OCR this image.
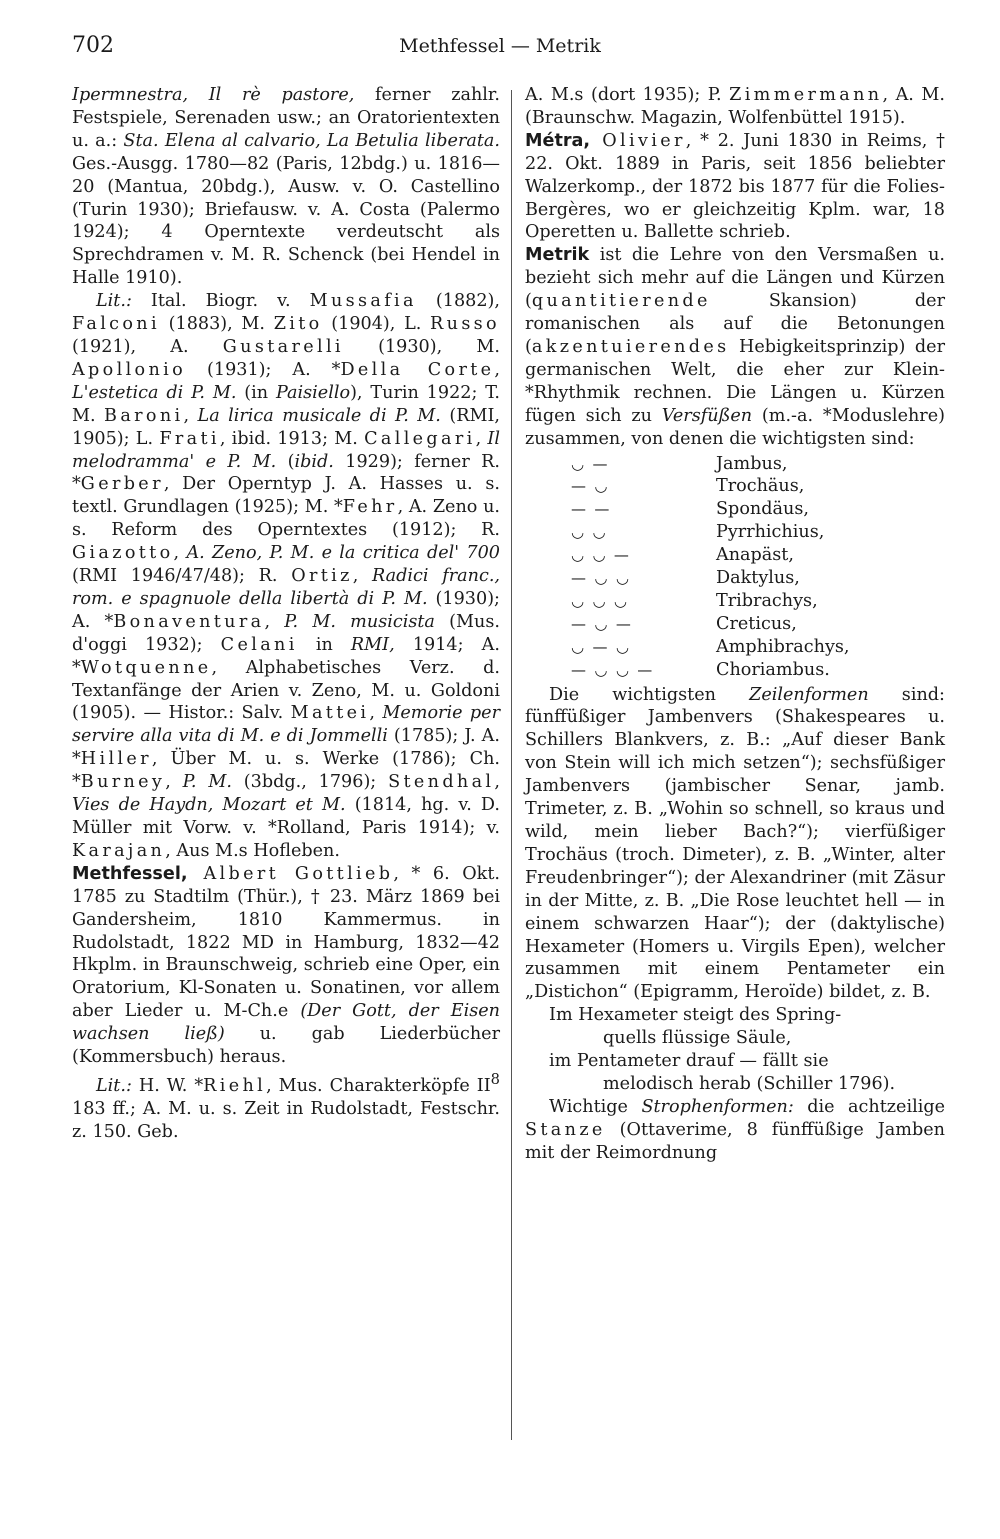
702	Methfessel — Metrik

Ipermnestra, Il rè pastore, ferner zahlr. Festspiele, Serenaden usw.; an Oratorientexten u. a.: Sta. Elena al calvario, La Betulia liberata. Ges.-Ausgg. 1780—82 (Paris, 12bdg.) u. 1816—20 (Mantua, 20bdg.), Ausw. v. O. Castellino (Turin 1930); Briefausw. v. A. Costa (Palermo 1924); 4 Operntexte verdeutscht als Sprechdramen v. M. R. Schenck (bei Hendel in Halle 1910).

Lit.: Ital. Biogr. v. Mussafia (1882), Falconi (1883), M. Zito (1904), L. Russo (1921), A. Gustarelli (1930), M. Apollonio (1931); A. *Della Corte, L'estetica di P. M. (in Paisiello), Turin 1922; T. M. Baroni, La lirica musicale di P. M. (RMI, 1905); L. Frati, ibid. 1913; M. Callegari, Il melodramma' e P. M. (ibid. 1929); ferner R. *Gerber, Der Operntyp J. A. Hasses u. s. textl. Grundlagen (1925); M. *Fehr, A. Zeno u. s. Reform des Operntextes (1912); R. Giazotto, A. Zeno, P. M. e la critica del' 700 (RMI 1946/47/48); R. Ortiz, Radici franc., rom. e spagnuole della libertà di P. M. (1930); A. *Bonaventura, P. M. musicista (Mus. d'oggi 1932); Celani in RMI, 1914; A. *Wotquenne, Alphabetisches Verz. d. Textanfänge der Arien v. Zeno, M. u. Goldoni (1905). — Histor.: Salv. Mattei, Memorie per servire alla vita di M. e di Jommelli (1785); J. A. *Hiller, Über M. u. s. Werke (1786); Ch. *Burney, P. M. (3bdg., 1796); Stendhal, Vies de Haydn, Mozart et M. (1814, hg. v. D. Müller mit Vorw. v. *Rolland, Paris 1914); v. Karajan, Aus M.s Hofleben.

Methfessel, Albert Gottlieb, * 6. Okt. 1785 zu Stadtilm (Thür.), † 23. März 1869 bei Gandersheim, 1810 Kammermus. in Rudolstadt, 1822 MD in Hamburg, 1832—42 Hkplm. in Braunschweig, schrieb eine Oper, ein Oratorium, Kl-Sonaten u. Sonatinen, vor allem aber Lieder u. M-Ch.e (Der Gott, der Eisen wachsen ließ) u. gab Liederbücher (Kommersbuch) heraus.

Lit.: H. W. *Riehl, Mus. Charakterköpfe $II^8$ 183 ff.; A. M. u. s. Zeit in Rudolstadt, Festschr. z. 150. Geb.

A. M.s (dort 1935); P. Zimmermann, A. M. (Braunschw. Magazin, Wolfenbüttel 1915).

Métra, Olivier, * 2. Juni 1830 in Reims, † 22. Okt. 1889 in Paris, seit 1856 beliebter Walzerkomp., der 1872 bis 1877 für die Folies-Bergères, wo er gleichzeitig Kplm. war, 18 Operetten u. Ballette schrieb.

Metrik ist die Lehre von den Versmaßen u. bezieht sich mehr auf die Längen und Kürzen (quantitierende Skansion) der romanischen als auf die Betonungen (akzentuierendes Hebigkeitsprinzip) der germanischen Welt, die eher zur Klein-*Rhythmik rechnen. Die Längen u. Kürzen fügen sich zu Versfüßen (m.-a. *Moduslehre) zusammen, von denen die wichtigsten sind:

◡ —	Jambus,
— ◡	Trochäus,
— —	Spondäus,
◡ ◡	Pyrrhichius,
◡ ◡ —	Anapäst,
— ◡ ◡	Daktylus,
◡ ◡ ◡	Tribrachys,
— ◡ —	Creticus,
◡ — ◡	Amphibrachys,
— ◡ ◡ —	Choriambus.

Die wichtigsten Zeilenformen sind: fünffüßiger Jambenvers (Shakespeares u. Schillers Blankvers, z. B.: „Auf dieser Bank von Stein will ich mich setzen“); sechsfüßiger Jambenvers (jambischer Senar, jamb. Trimeter, z. B. „Wohin so schnell, so kraus und wild, mein lieber Bach?“); vierfüßiger Trochäus (troch. Dimeter), z. B. „Winter, alter Freudenbringer“); der Alexandriner (mit Zäsur in der Mitte, z. B. „Die Rose leuchtet hell — in einem schwarzen Haar“); der (daktylische) Hexameter (Homers u. Virgils Epen), welcher zusammen mit einem Pentameter ein „Distichon“ (Epigramm, Heroïde) bildet, z. B.

Im Hexameter steigt des Spring-
quells flüssige Säule,
im Pentameter drauf — fällt sie
melodisch herab (Schiller 1796).

Wichtige Strophenformen: die achtzeilige Stanze (Ottaverime, 8 fünffüßige Jamben mit der Reimordnung
